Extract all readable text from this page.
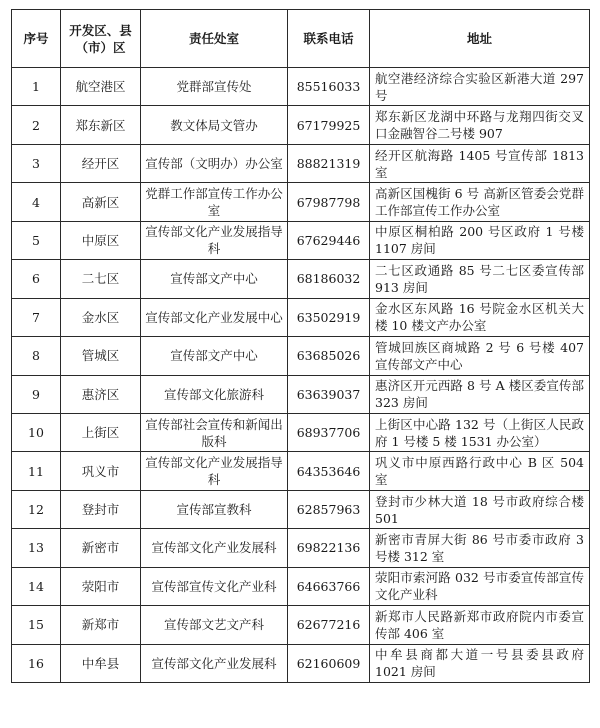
序号	开发区、县（市）区	责任处室	联系电话	地址
1	航空港区	党群部宣传处	85516033	航空港经济综合实验区新港大道 297 号
2	郑东新区	教文体局文管办	67179925	郑东新区龙湖中环路与龙翔四街交叉口金融智谷二号楼 907
3	经开区	宣传部（文明办）办公室	88821319	经开区航海路 1405 号宣传部 1813 室
4	高新区	党群工作部宣传工作办公室	67987798	高新区国槐街 6 号 高新区管委会党群工作部宣传工作办公室
5	中原区	宣传部文化产业发展指导科	67629446	中原区桐柏路 200 号区政府 1 号楼 1107 房间
6	二七区	宣传部文产中心	68186032	二七区政通路 85 号二七区委宣传部 913 房间
7	金水区	宣传部文化产业发展中心	63502919	金水区东风路 16 号院金水区机关大楼 10 楼文产办公室
8	管城区	宣传部文产中心	63685026	管城回族区商城路 2 号 6 号楼 407 宣传部文产中心
9	惠济区	宣传部文化旅游科	63639037	惠济区开元西路 8 号 A 楼区委宣传部 323 房间
10	上街区	宣传部社会宣传和新闻出版科	68937706	上街区中心路 132 号（上街区人民政府 1 号楼 5 楼 1531 办公室）
11	巩义市	宣传部文化产业发展指导科	64353646	巩义市中原西路行政中心 B 区 504 室
12	登封市	宣传部宣教科	62857963	登封市少林大道 18 号市政府综合楼 501
13	新密市	宣传部文化产业发展科	69822136	新密市青屏大街 86 号市委市政府 3 号楼 312 室
14	荥阳市	宣传部宣传文化产业科	64663766	荥阳市索河路 032 号市委宣传部宣传文化产业科
15	新郑市	宣传部文艺文产科	62677216	新郑市人民路新郑市政府院内市委宣传部 406 室
16	中牟县	宣传部文化产业发展科	62160609	中牟县商都大道一号县委县政府 1021 房间
